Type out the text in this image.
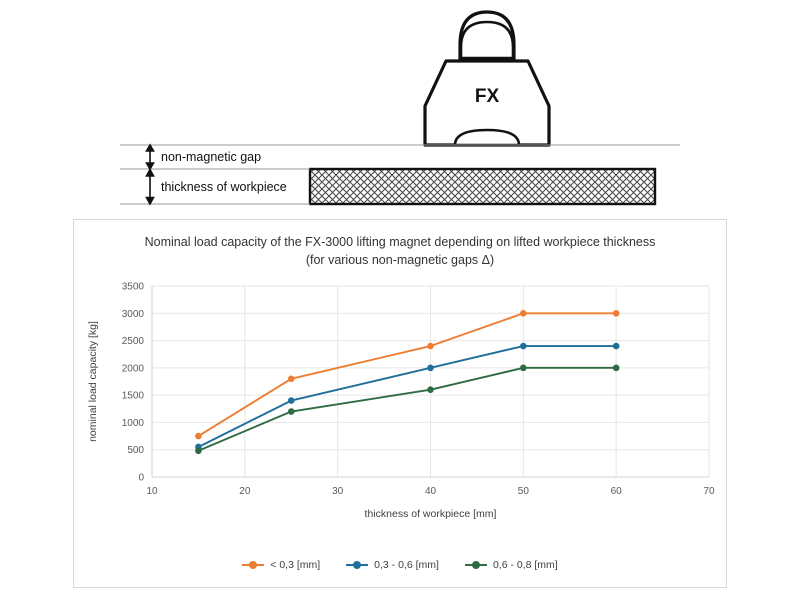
FX
non-magnetic gap
thickness of workpiece
Nominal load capacity of the FX-3000 lifting magnet depending on lifted workpiece thickness
(for various non-magnetic gaps Δ)
0
500
1000
1500
2000
2500
3000
3500
10	20	30	40	50	60	70
thickness of workpiece [mm]
nominal load capacity [kg]
< 0,3 [mm]	0,3 - 0,6 [mm]	0,6 - 0,8 [mm]
